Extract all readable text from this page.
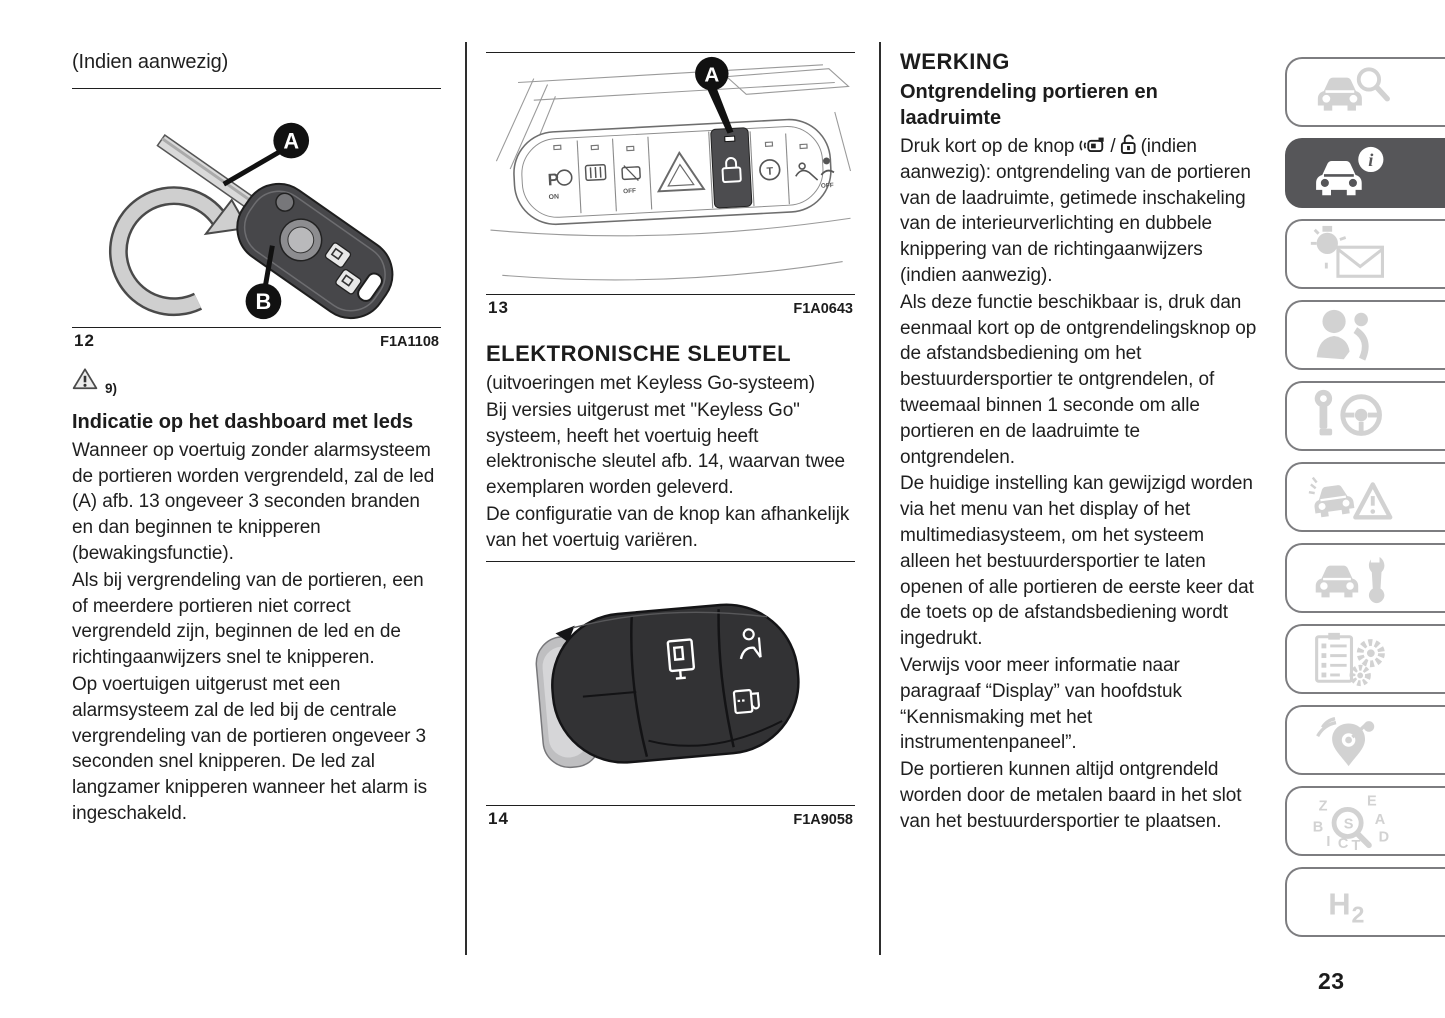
(Indien aanwezig)
A
B
12	F1A1108
9)
Indicatie op het dashboard met leds

Wanneer op voertuig zonder alarmsysteem de portieren worden vergrendeld, zal de led (A) afb. 13 ongeveer 3 seconden branden en dan beginnen te knipperen (bewakingsfunctie).

Als bij vergrendeling van de portieren, een of meerdere portieren niet correct vergrendeld zijn, beginnen de led en de richtingaanwijzers snel te knipperen.

Op voertuigen uitgerust met een alarmsysteem zal de led bij de centrale vergrendeling van de portieren ongeveer 3 seconden snel knipperen. De led zal langzamer knipperen wanneer het alarm is ingeschakeld.

P
ON
OFF
T
OFF
A
13	F1A0643
ELEKTRONISCHE SLEUTEL

(uitvoeringen met Keyless Go-systeem)

Bij versies uitgerust met "Keyless Go" systeem, heeft het voertuig heeft elektronische sleutel afb. 14, waarvan twee exemplaren worden geleverd.

De configuratie van de knop kan afhankelijk van het voertuig variëren.

14	F1A9058
WERKING
Ontgrendeling portieren en laadruimte

Druk kort op de knop / (indien aanwezig): ontgrendeling van de portieren van de laadruimte, getimede inschakeling van de interieurverlichting en dubbele knippering van de richtingaanwijzers (indien aanwezig).

Als deze functie beschikbaar is, druk dan eenmaal kort op de ontgrendelingsknop op de afstandsbediening om het bestuurdersportier te ontgrendelen, of tweemaal binnen 1 seconde om alle portieren en de laadruimte te ontgrendelen.

De huidige instelling kan gewijzigd worden via het menu van het display of het multimediasysteem, om het systeem alleen het bestuurdersportier te laten openen of alle portieren de eerste keer dat de toets op de afstandsbediening wordt ingedrukt.

Verwijs voor meer informatie naar paragraaf “Display” van hoofdstuk “Kennismaking met het instrumentenpaneel”.

De portieren kunnen altijd ontgrendeld worden door de metalen baard in het slot van het bestuurdersportier te plaatsen.

i
Z	E
B	A
S
I C T
D
H 2
23
